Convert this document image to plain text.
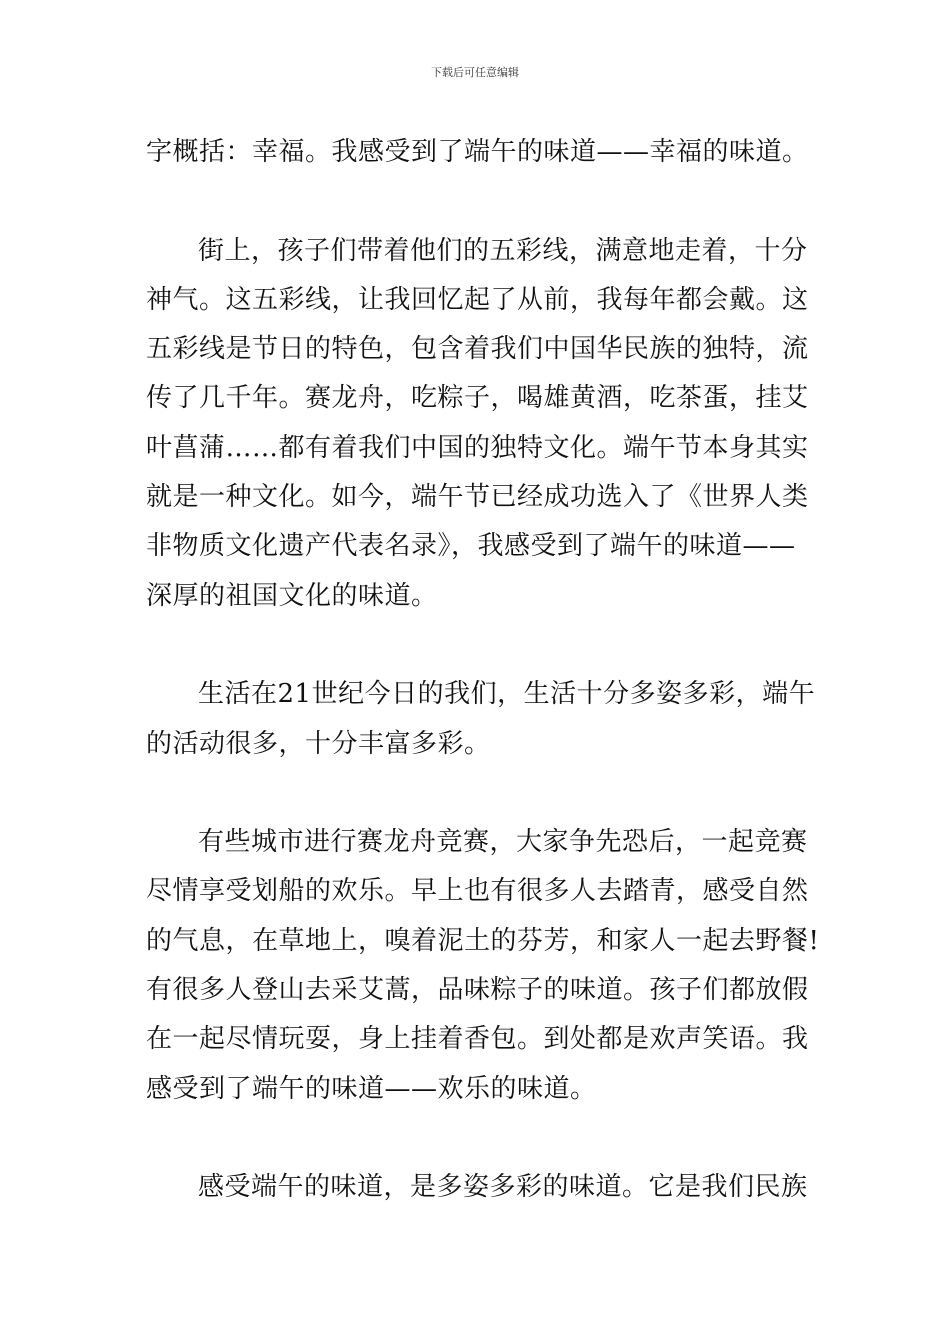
下载后可任意编辑
字概括：幸福。我感受到了端午的味道——幸福的味道。
街上，孩子们带着他们的五彩线，满意地走着，十分
神气。这五彩线，让我回忆起了从前，我每年都会戴。这
五彩线是节日的特色，包含着我们中国华民族的独特，流
传了几千年。赛龙舟，吃粽子，喝雄黄酒，吃茶蛋，挂艾
叶菖蒲……都有着我们中国的独特文化。端午节本身其实
就是一种文化。如今，端午节已经成功选入了《世界人类
非物质文化遗产代表名录》，我感受到了端午的味道——
深厚的祖国文化的味道。
生活在21世纪今日的我们，生活十分多姿多彩，端午
的活动很多，十分丰富多彩。
有些城市进行赛龙舟竞赛，大家争先恐后，一起竞赛
尽情享受划船的欢乐。早上也有很多人去踏青，感受自然
的气息，在草地上，嗅着泥土的芬芳，和家人一起去野餐!
有很多人登山去采艾蒿，品味粽子的味道。孩子们都放假
在一起尽情玩耍，身上挂着香包。到处都是欢声笑语。我
感受到了端午的味道——欢乐的味道。
感受端午的味道，是多姿多彩的味道。它是我们民族
